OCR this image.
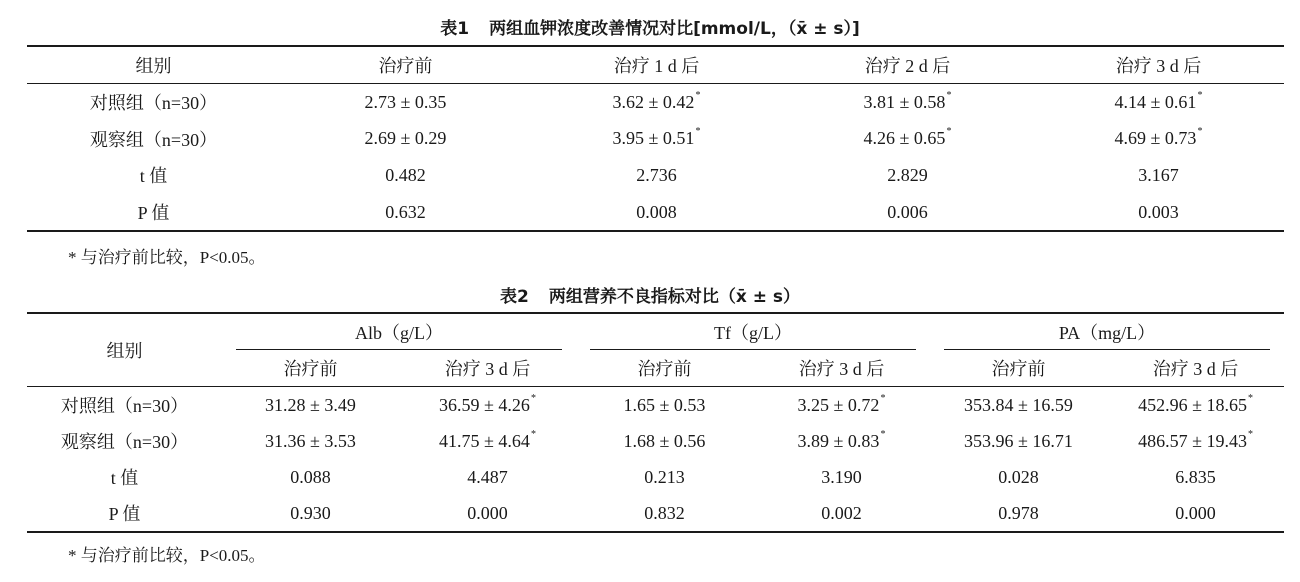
表1 两组血钾浓度改善情况对比[mmol/L，（x̄ ± s）]
组别	治疗前	治疗 1 d 后	治疗 2 d 后	治疗 3 d 后
对照组（n=30）	2.73 ± 0.35	3.62 ± 0.42*	3.81 ± 0.58*	4.14 ± 0.61*
观察组（n=30）	2.69 ± 0.29	3.95 ± 0.51*	4.26 ± 0.65*	4.69 ± 0.73*
t 值	0.482	2.736	2.829	3.167
P 值	0.632	0.008	0.006	0.003
* 与治疗前比较，P<0.05。
表2 两组营养不良指标对比（x̄ ± s）
组别	Alb（g/L）		Tf（g/L）		PA（mg/L）	

	治疗前	治疗 3 d 后	治疗前	治疗 3 d 后	治疗前	治疗 3 d 后
对照组（n=30）	31.28 ± 3.49	36.59 ± 4.26*	1.65 ± 0.53	3.25 ± 0.72*	353.84 ± 16.59	452.96 ± 18.65*
观察组（n=30）	31.36 ± 3.53	41.75 ± 4.64*	1.68 ± 0.56	3.89 ± 0.83*	353.96 ± 16.71	486.57 ± 19.43*
t 值	0.088	4.487	0.213	3.190	0.028	6.835
P 值	0.930	0.000	0.832	0.002	0.978	0.000
* 与治疗前比较，P<0.05。
